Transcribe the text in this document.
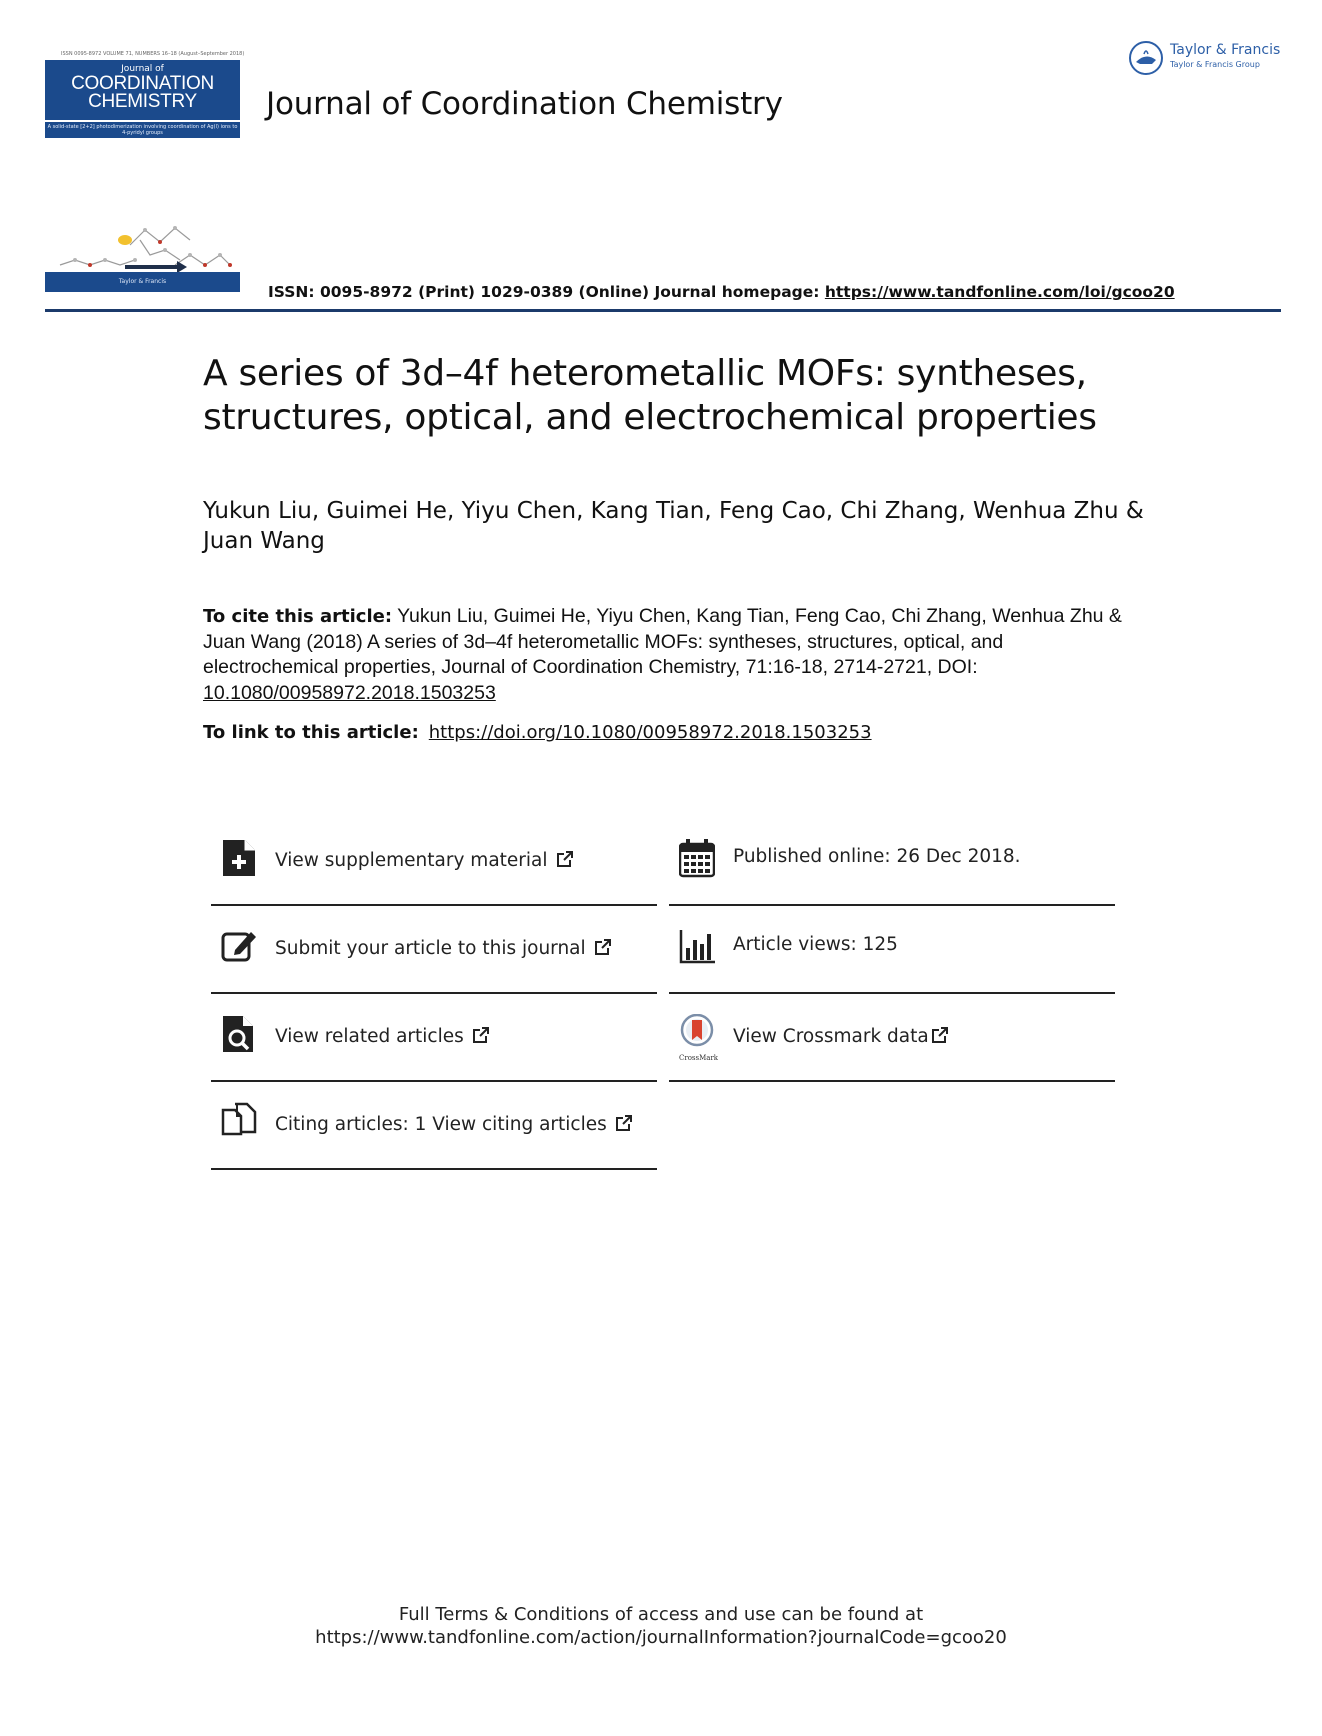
ISSN 0095-8972 VOLUME 71, NUMBERS 16–18 (August–September 2018)
Journal of
COORDINATION
CHEMISTRY
A solid-state [2+2] photodimerization involving coordination of Ag(I) ions to 4-pyridyl groups
Taylor & Francis
Journal of Coordination Chemistry
Taylor & Francis
Taylor & Francis Group
ISSN: 0095-8972 (Print) 1029-0389 (Online) Journal homepage: https://www.tandfonline.com/loi/gcoo20
A series of 3d–4f heterometallic MOFs: syntheses, structures, optical, and electrochemical properties
Yukun Liu, Guimei He, Yiyu Chen, Kang Tian, Feng Cao, Chi Zhang, Wenhua Zhu & Juan Wang
To cite this article: Yukun Liu, Guimei He, Yiyu Chen, Kang Tian, Feng Cao, Chi Zhang, Wenhua Zhu & Juan Wang (2018) A series of 3d–4f heterometallic MOFs: syntheses, structures, optical, and electrochemical properties, Journal of Coordination Chemistry, 71:16-18, 2714-2721, DOI: 10.1080/00958972.2018.1503253
To link to this article: https://doi.org/10.1080/00958972.2018.1503253
View supplementary material
Submit your article to this journal
View related articles
Citing articles: 1 View citing articles
Published online: 26 Dec 2018.
Article views: 125
CrossMark
View Crossmark data
Full Terms & Conditions of access and use can be found at
https://www.tandfonline.com/action/journalInformation?journalCode=gcoo20
